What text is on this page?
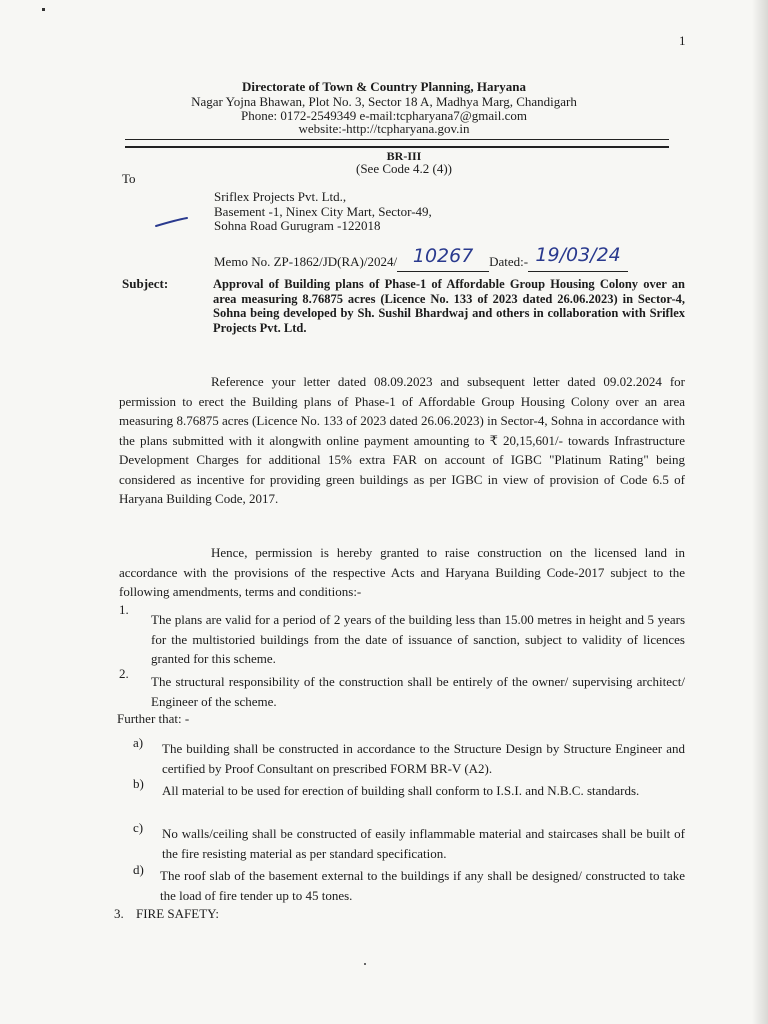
1
Directorate of Town & Country Planning, Haryana
Nagar Yojna Bhawan, Plot No. 3, Sector 18 A, Madhya Marg, Chandigarh
Phone: 0172-2549349 e-mail:tcpharyana7@gmail.com
website:-http://tcpharyana.gov.in
BR-III
(See Code 4.2 (4))
To
Sriflex Projects Pvt. Ltd.,
Basement -1, Ninex City Mart, Sector-49,
Sohna Road Gurugram -122018
Memo No. ZP-1862/JD(RA)/2024/ 10267 Dated:- 19/03/24
Subject:	Approval of Building plans of Phase-1 of Affordable Group Housing Colony over an area measuring 8.76875 acres (Licence No. 133 of 2023 dated 26.06.2023) in Sector-4, Sohna being developed by Sh. Sushil Bhardwaj and others in collaboration with Sriflex Projects Pvt. Ltd.
Reference your letter dated 08.09.2023 and subsequent letter dated 09.02.2024 for permission to erect the Building plans of Phase-1 of Affordable Group Housing Colony over an area measuring 8.76875 acres (Licence No. 133 of 2023 dated 26.06.2023) in Sector-4, Sohna in accordance with the plans submitted with it alongwith online payment amounting to ₹ 20,15,601/- towards Infrastructure Development Charges for additional 15% extra FAR on account of IGBC "Platinum Rating" being considered as incentive for providing green buildings as per IGBC in view of provision of Code 6.5 of Haryana Building Code, 2017.
Hence, permission is hereby granted to raise construction on the licensed land in accordance with the provisions of the respective Acts and Haryana Building Code-2017 subject to the following amendments, terms and conditions:-
1.
The plans are valid for a period of 2 years of the building less than 15.00 metres in height and 5 years for the multistoried buildings from the date of issuance of sanction, subject to validity of licences granted for this scheme.
2.
The structural responsibility of the construction shall be entirely of the owner/ supervising architect/ Engineer of the scheme.
Further that: -
a) The building shall be constructed in accordance to the Structure Design by Structure Engineer and certified by Proof Consultant on prescribed FORM BR-V (A2).
b) All material to be used for erection of building shall conform to I.S.I. and N.B.C. standards.
c) No walls/ceiling shall be constructed of easily inflammable material and staircases shall be built of the fire resisting material as per standard specification.
d) The roof slab of the basement external to the buildings if any shall be designed/ constructed to take the load of fire tender up to 45 tones.
3. FIRE SAFETY:
